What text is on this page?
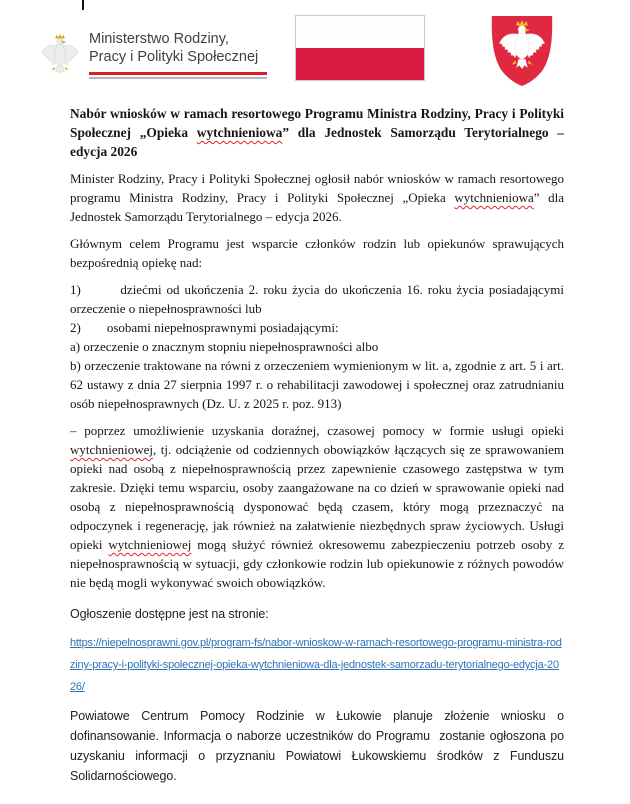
Ministerstwo Rodziny,
Pracy i Polityki Społecznej

Nabór wniosków w ramach resortowego Programu Ministra Rodziny, Pracy i Polityki Społecznej „Opieka wytchnieniowa” dla Jednostek Samorządu Terytorialnego – edycja 2026

Minister Rodziny, Pracy i Polityki Społecznej ogłosił nabór wniosków w ramach resortowego programu Ministra Rodziny, Pracy i Polityki Społecznej „Opieka wytchnieniowa” dla Jednostek Samorządu Terytorialnego – edycja 2026.

Głównym celem Programu jest wsparcie członków rodzin lub opiekunów sprawujących bezpośrednią opiekę nad:

1)        dziećmi od ukończenia 2. roku życia do ukończenia 16. roku życia posiadającymi orzeczenie o niepełnosprawności lub

2)        osobami niepełnosprawnymi posiadającymi:

a) orzeczenie o znacznym stopniu niepełnosprawności albo

b) orzeczenie traktowane na równi z orzeczeniem wymienionym w lit. a, zgodnie z art. 5 i art. 62 ustawy z dnia 27 sierpnia 1997 r. o rehabilitacji zawodowej i społecznej oraz zatrudnianiu osób niepełnosprawnych (Dz. U. z 2025 r. poz. 913)

– poprzez umożliwienie uzyskania doraźnej, czasowej pomocy w formie usługi opieki wytchnieniowej, tj. odciążenie od codziennych obowiązków łączących się ze sprawowaniem opieki nad osobą z niepełnosprawnością przez zapewnienie czasowego zastępstwa w tym zakresie. Dzięki temu wsparciu, osoby zaangażowane na co dzień w sprawowanie opieki nad osobą z niepełnosprawnością dysponować będą czasem, który mogą przeznaczyć na odpoczynek i regenerację, jak również na załatwienie niezbędnych spraw życiowych. Usługi opieki wytchnieniowej mogą służyć również okresowemu zabezpieczeniu potrzeb osoby z niepełnosprawnością w sytuacji, gdy członkowie rodzin lub opiekunowie z różnych powodów nie będą mogli wykonywać swoich obowiązków.

Ogłoszenie dostępne jest na stronie:

https://niepelnosprawni.gov.pl/program-fs/nabor-wnioskow-w-ramach-resortowego-programu-ministra-rodziny-pracy-i-polityki-spolecznej-opieka-wytchnieniowa-dla-jednostek-samorzadu-terytorialnego-edycja-2026/

Powiatowe Centrum Pomocy Rodzinie w Łukowie planuje złożenie wniosku o dofinansowanie. Informacja o naborze uczestników do Programu  zostanie ogłoszona po uzyskaniu informacji o przyznaniu Powiatowi Łukowskiemu środków z Funduszu Solidarnościowego.
